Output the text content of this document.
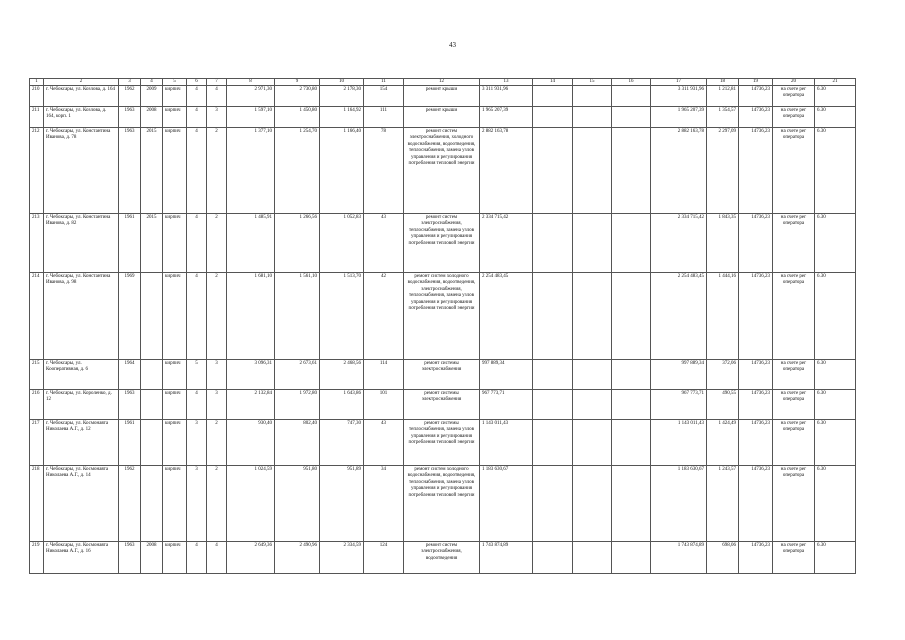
43
1	2	3	4	5	6	7	8	9	10	11	12	13	14	15	16	17	18	19	20	21
210	г. Чебоксары, ул. Козлова, д. 164	1962	2009	кирпич	4	4	2 971,30	2 730,80	2 178,30	154	ремонт крыши	3 311 931,96				3 311 931,96	1 212,81	14736,23	на счете рег оператора	6.30
211	г. Чебоксары, ул. Козлова, д. 164, корп. 1	1963	2008	кирпич	4	3	1 597,10	1 450,80	1 164,92	111	ремонт крыши	1 965 207,39				1 965 207,39	1 354,57	14736,23	на счете рег оператора	6.30
212	г. Чебоксары, ул. Константина Иванова, д. 78	1963	2015	кирпич	4	2	1 377,10	1 254,70	1 166,40	78	ремонт систем электроснабжения, холодного водоснабжения, водоотведения, теплоснабжения, замена узлов управления и регулирования потребления тепловой энергии	2 882 163,78				2 882 163,78	2 297,09	14736,23	на счете рег оператора	6.30
213	г. Чебоксары, ул. Константина Иванова, д. 82	1961	2015	кирпич	4	2	1 485,91	1 266,56	1 052,83	43	ремонт систем электроснабжения, теплоснабжения, замена узлов управления и регулирования потребления тепловой энергии	2 334 715,42				2 334 715,42	1 843,35	14736,23	на счете рег оператора	6.30
214	г. Чебоксары, ул. Константина Иванова, д. 98	1969		кирпич	4	2	1 681,10	1 561,10	1 513,70	42	ремонт систем холодного водоснабжения, водоотведения, электроснабжения, теплоснабжения, замена узлов управления и регулирования потребления тепловой энергии	2 254 483,45				2 254 483,45	1 444,16	14736,23	на счете рег оператора	6.30
215	г. Чебоксары, ул. Кооперативная, д. 6	1964		кирпич	5	3	3 096,31	2 673,61	2 468,56	114	ремонт системы электроснабжения	997 889,34				997 889,34	372,06	14736,23	на счете рег оператора	6.30
216	г. Чебоксары, ул. Короленко, д. 12	1963		кирпич	4	3	2 132,84	1 972,80	1 643,86	101	ремонт системы электроснабжения	967 773,71				967 773,71	490,55	14736,23	на счете рег оператора	6.30
217	г. Чебоксары, ул. Космонавта Николаева А.Г., д. 12	1961		кирпич	3	2	930,40	802,40	747,30	43	ремонт системы теплоснабжения, замена узлов управления и регулирования потребления тепловой энергии	1 143 011,43				1 143 011,43	1 424,49	14736,23	на счете рег оператора	6.30
218	г. Чебоксары, ул. Космонавта Николаева А.Г., д. 14	1962		кирпич	3	2	1 024,59	951,80	951,89	34	ремонт систем холодного водоснабжения, водоотведения, теплоснабжения, замена узлов управления и регулирования потребления тепловой энергии	1 183 630,67				1 183 630,67	1 243,57	14736,23	на счете рег оператора	6.30
219	г. Чебоксары, ул. Космонавта Николаева А.Г., д. 16	1963	2008	кирпич	4	4	2 649,36	2 490,96	2 334,59	124	ремонт систем электроснабжения, водоотведения	1 743 874,89				1 743 874,89	698,06	14736,23	на счете рег оператора	6.30
